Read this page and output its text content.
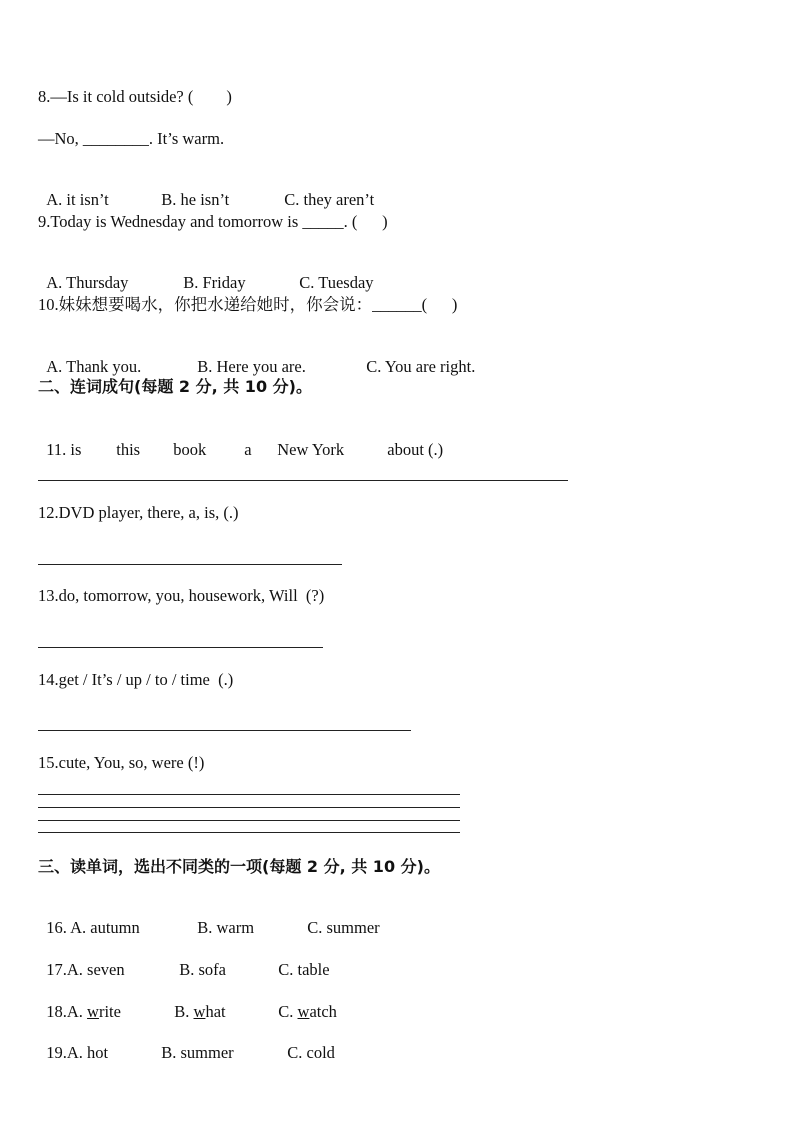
8.—Is it cold outside? (        )
—No, ________. It’s warm.

A. it isn’t	B. he isn’t	C. they aren’t

9.Today is Wednesday and tomorrow is _____. (      )

A. Thursday	B. Friday	C. Tuesday

10.妹妹想要喝水，你把水递给她时，你会说：______(      )

A. Thank you.	B. Here you are.	C. You are right.

二、连词成句(每题 2 分, 共 10 分)。

11. is this book a New York	about (.)

12.DVD player, there, a, is, (.)
13.do, tomorrow, you, housework, Will  (?)
14.get / It’s / up / to / time  (.)
15.cute, You, so, were (!)
三、读单词，选出不同类的一项(每题 2 分, 共 10 分)。

16. A. autumn	B. warm	C. summer

17.A. seven	B. sofa	C. table

18.A. write	B. what	C. watch

19.A. hot	B. summer	C. cold
